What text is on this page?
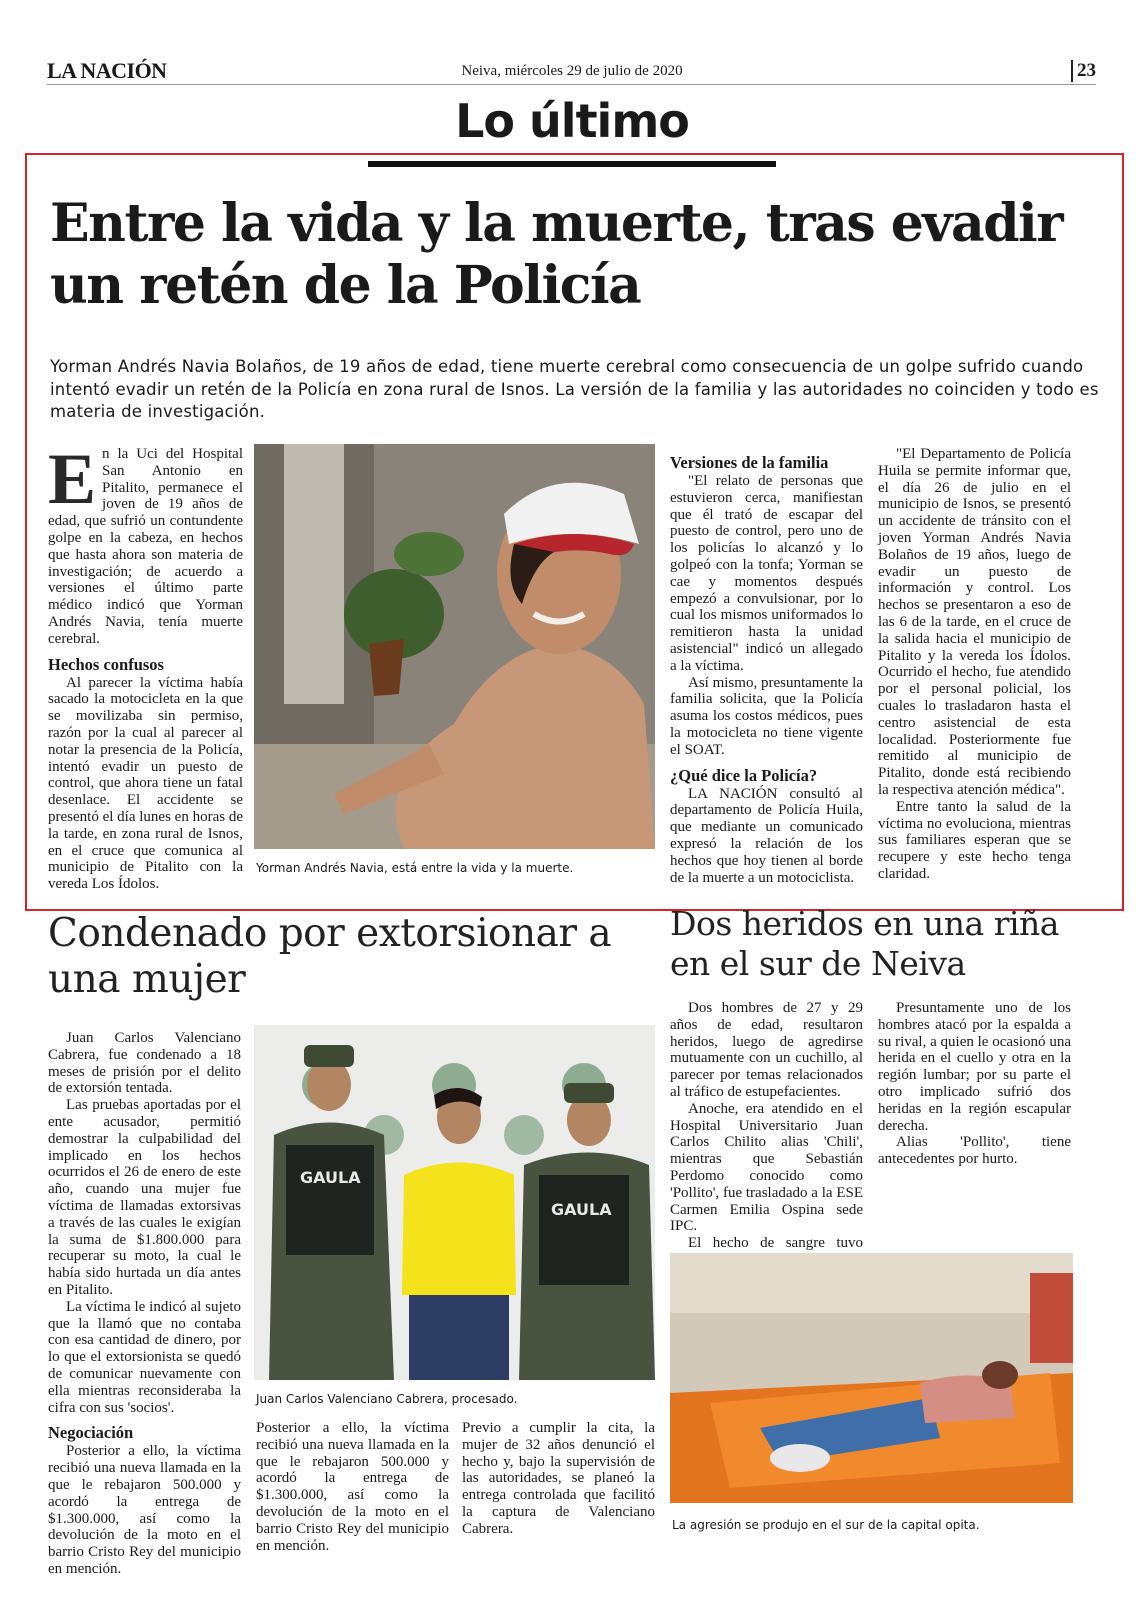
LA NACIÓN	Neiva, miércoles 29 de julio de 2020	23
Lo último
Entre la vida y la muerte, tras evadir un retén de la Policía
Yorman Andrés Navia Bolaños, de 19 años de edad, tiene muerte cerebral como consecuencia de un golpe sufrido cuando intentó evadir un retén de la Policía en zona rural de Isnos. La versión de la familia y las autoridades no coinciden y todo es materia de investigación.
E n la Uci del Hospital San Antonio en Pitalito, permanece el joven de 19 años de edad, que sufrió un contundente golpe en la cabeza, en hechos que hasta ahora son materia de investigación; de acuerdo a versiones el último parte médico indicó que Yorman Andrés Navia, tenía muerte cerebral.

Hechos confusos

Al parecer la víctima había sacado la motocicleta en la que se movilizaba sin permiso, razón por la cual al parecer al notar la presencia de la Policía, intentó evadir un puesto de control, que ahora tiene un fatal desenlace. El accidente se presentó el día lunes en horas de la tarde, en zona rural de Isnos, en el cruce que comunica al municipio de Pitalito con la vereda Los Ídolos.

Yorman Andrés Navia, está entre la vida y la muerte.
Versiones de la familia

"El relato de personas que estuvieron cerca, manifiestan que él trató de escapar del puesto de control, pero uno de los policías lo alcanzó y lo golpeó con la tonfa; Yorman se cae y momentos después empezó a convulsionar, por lo cual los mismos uniformados lo remitieron hasta la unidad asistencial" indicó un allegado a la víctima.

Así mismo, presuntamente la familia solicita, que la Policía asuma los costos médicos, pues la motocicleta no tiene vigente el SOAT.

¿Qué dice la Policía?

LA NACIÓN consultó al departamento de Policía Huila, que mediante un comunicado expresó la relación de los hechos que hoy tienen al borde de la muerte a un motociclista.

"El Departamento de Policía Huila se permite informar que, el día 26 de julio en el municipio de Isnos, se presentó un accidente de tránsito con el joven Yorman Andrés Navia Bolaños de 19 años, luego de evadir un puesto de información y control. Los hechos se presentaron a eso de las 6 de la tarde, en el cruce de la salida hacia el municipio de Pitalito y la vereda los Ídolos. Ocurrido el hecho, fue atendido por el personal policial, los cuales lo trasladaron hasta el centro asistencial de esta localidad. Posteriormente fue remitido al municipio de Pitalito, donde está recibiendo la respectiva atención médica".

Entre tanto la salud de la víctima no evoluciona, mientras sus familiares esperan que se recupere y este hecho tenga claridad.

Condenado por extorsionar a una mujer

Juan Carlos Valenciano Cabrera, fue condenado a 18 meses de prisión por el delito de extorsión tentada.

Las pruebas aportadas por el ente acusador, permitió demostrar la culpabilidad del implicado en los hechos ocurridos el 26 de enero de este año, cuando una mujer fue víctima de llamadas extorsivas a través de las cuales le exigían la suma de $1.800.000 para recuperar su moto, la cual le había sido hurtada un día antes en Pitalito.

La víctima le indicó al sujeto que la llamó que no contaba con esa cantidad de dinero, por lo que el extorsionista se quedó de comunicar nuevamente con ella mientras reconsideraba la cifra con sus 'socios'.

Negociación

Posterior a ello, la víctima recibió una nueva llamada en la que le rebajaron 500.000 y acordó la entrega de $1.300.000, así como la devolución de la moto en el barrio Cristo Rey del municipio en mención.

GAULA
GAULA
Juan Carlos Valenciano Cabrera, procesado.

Posterior a ello, la víctima recibió una nueva llamada en la que le rebajaron 500.000 y acordó la entrega de $1.300.000, así como la devolución de la moto en el barrio Cristo Rey del municipio en mención.

Previo a cumplir la cita, la mujer de 32 años denunció el hecho y, bajo la supervisión de las autoridades, se planeó la entrega controlada que facilitó la captura de Valenciano Cabrera.

Dos heridos en una riña en el sur de Neiva

Dos hombres de 27 y 29 años de edad, resultaron heridos, luego de agredirse mutuamente con un cuchillo, al parecer por temas relacionados al tráfico de estupefacientes.

Anoche, era atendido en el Hospital Universitario Juan Carlos Chilito alias 'Chili', mientras que Sebastián Perdomo conocido como 'Pollito', fue trasladado a la ESE Carmen Emilia Ospina sede IPC.

El hecho de sangre tuvo

Presuntamente uno de los hombres atacó por la espalda a su rival, a quien le ocasionó una herida en el cuello y otra en la región lumbar; por su parte el otro implicado sufrió dos heridas en la región escapular derecha.

Alias 'Pollito', tiene antecedentes por hurto.

La agresión se produjo en el sur de la capital opita.
